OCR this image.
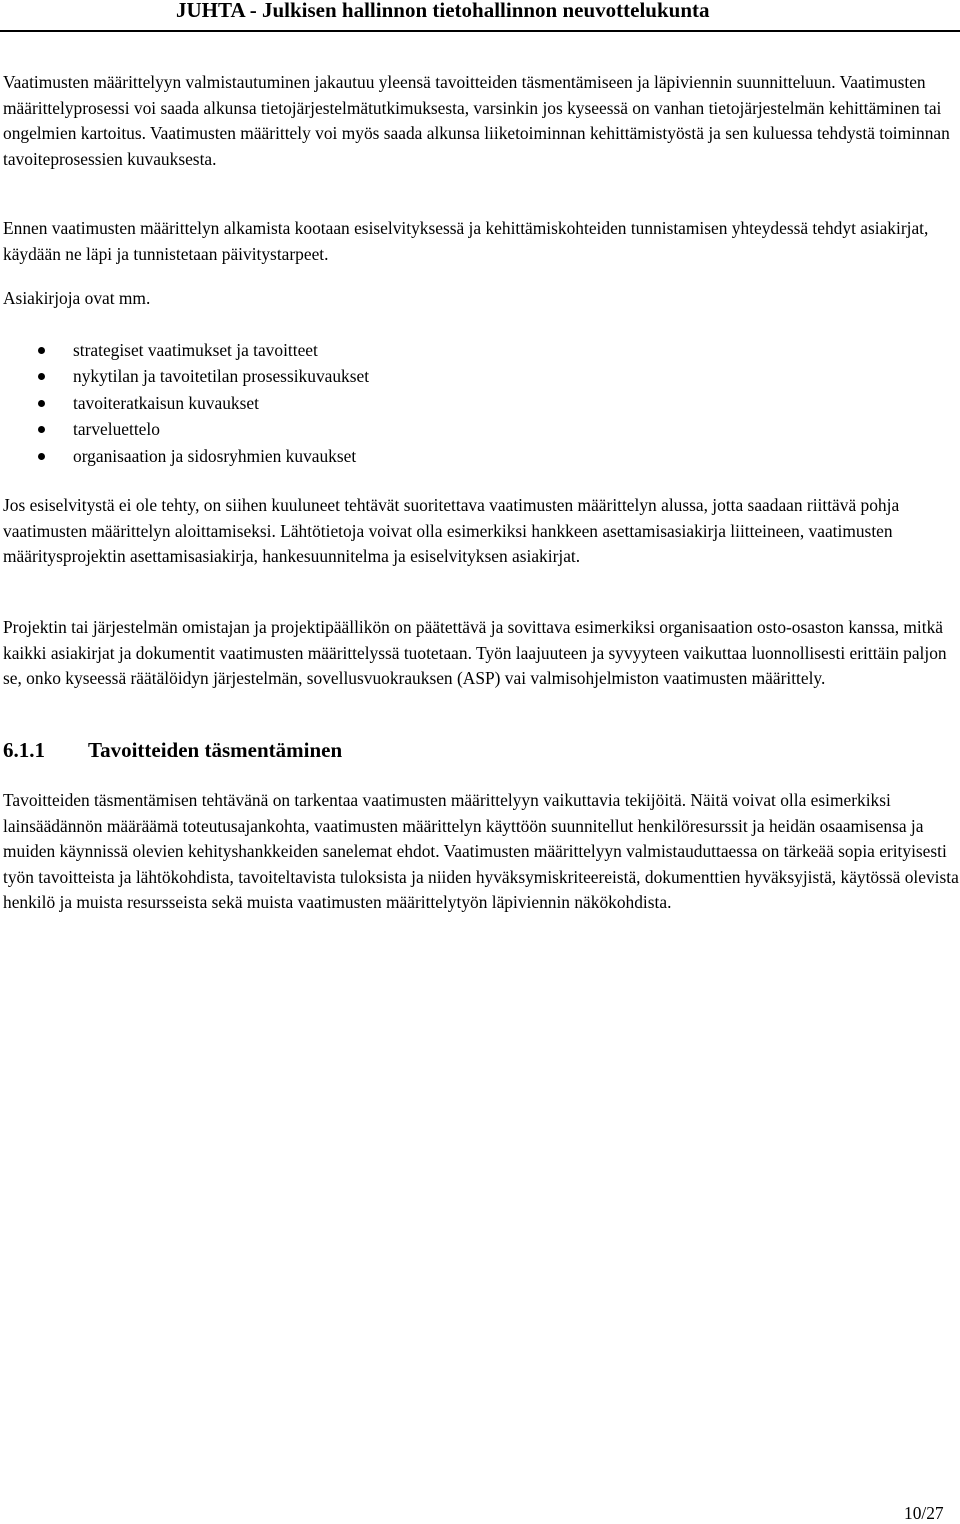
JUHTA - Julkisen hallinnon tietohallinnon neuvottelukunta

Vaatimusten määrittelyyn valmistautuminen jakautuu yleensä tavoitteiden täsmentämiseen ja läpiviennin suunnitteluun. Vaatimusten määrittelyprosessi voi saada alkunsa tietojärjestelmätutkimuksesta, varsinkin jos kyseessä on vanhan tietojärjestelmän kehittäminen tai ongelmien kartoitus. Vaatimusten määrittely voi myös saada alkunsa liiketoiminnan kehittämistyöstä ja sen kuluessa tehdystä toiminnan tavoiteprosessien kuvauksesta.

Ennen vaatimusten määrittelyn alkamista kootaan esiselvityksessä ja kehittämiskohteiden tunnistamisen yhteydessä tehdyt asiakirjat, käydään ne läpi ja tunnistetaan päivitystarpeet.

Asiakirjoja ovat mm.

strategiset vaatimukset ja tavoitteet
nykytilan ja tavoitetilan prosessikuvaukset
tavoiteratkaisun kuvaukset
tarveluettelo
organisaation ja sidosryhmien kuvaukset

Jos esiselvitystä ei ole tehty, on siihen kuuluneet tehtävät suoritettava vaatimusten määrittelyn alussa, jotta saadaan riittävä pohja vaatimusten määrittelyn aloittamiseksi. Lähtötietoja voivat olla esimerkiksi hankkeen asettamisasiakirja liitteineen, vaatimusten määritysprojektin asettamisasiakirja, hankesuunnitelma ja esiselvityksen asiakirjat.

Projektin tai järjestelmän omistajan ja projektipäällikön on päätettävä ja sovittava esimerkiksi organisaation osto-osaston kanssa, mitkä kaikki asiakirjat ja dokumentit vaatimusten määrittelyssä tuotetaan. Työn laajuuteen ja syvyyteen vaikuttaa luonnollisesti erittäin paljon se, onko kyseessä räätälöidyn järjestelmän, sovellusvuokrauksen (ASP) vai valmisohjelmiston vaatimusten määrittely.

6.1.1 Tavoitteiden täsmentäminen

Tavoitteiden täsmentämisen tehtävänä on tarkentaa vaatimusten määrittelyyn vaikuttavia tekijöitä. Näitä voivat olla esimerkiksi lainsäädännön määräämä toteutusajankohta, vaatimusten määrittelyn käyttöön suunnitellut henkilöresurssit ja heidän osaamisensa ja muiden käynnissä olevien kehityshankkeiden sanelemat ehdot. Vaatimusten määrittelyyn valmistauduttaessa on tärkeää sopia erityisesti työn tavoitteista ja lähtökohdista, tavoiteltavista tuloksista ja niiden hyväksymiskriteereistä, dokumenttien hyväksyjistä, käytössä olevista henkilö ja muista resursseista sekä muista vaatimusten määrittelytyön läpiviennin näkökohdista.

10/27
